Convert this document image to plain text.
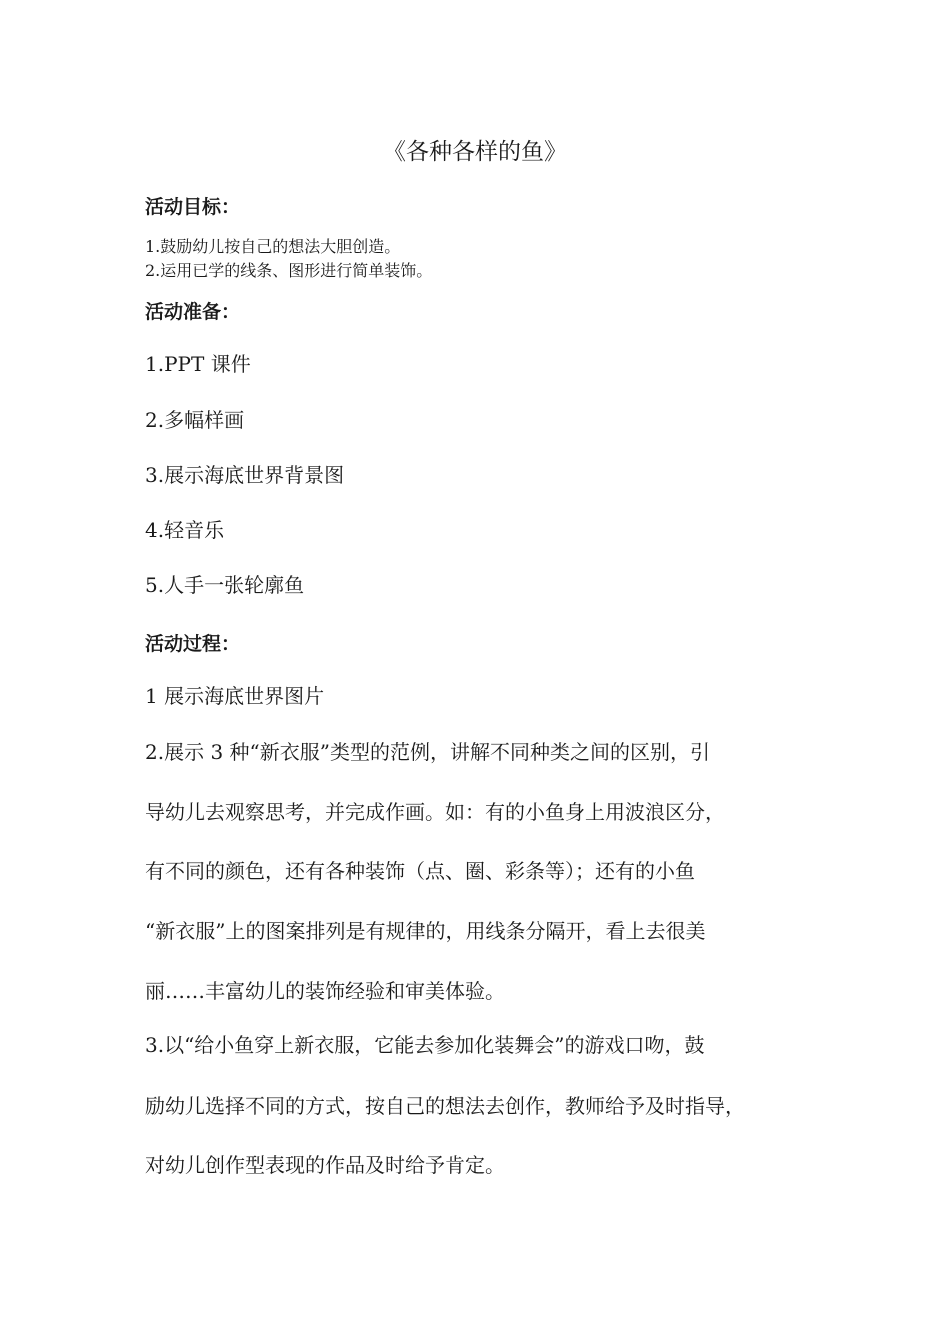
《各种各样的鱼》
活动目标：
1.鼓励幼儿按自己的想法大胆创造。
2.运用已学的线条、图形进行简单装饰。
活动准备：
1.PPT 课件
2.多幅样画
3.展示海底世界背景图
4.轻音乐
5.人手一张轮廓鱼
活动过程：
1 展示海底世界图片
2.展示 3 种“新衣服”类型的范例，讲解不同种类之间的区别，引
导幼儿去观察思考，并完成作画。如：有的小鱼身上用波浪区分，
有不同的颜色，还有各种装饰（点、圈、彩条等）；还有的小鱼
“新衣服”上的图案排列是有规律的，用线条分隔开，看上去很美
丽……丰富幼儿的装饰经验和审美体验。
3.以“给小鱼穿上新衣服，它能去参加化装舞会”的游戏口吻，鼓
励幼儿选择不同的方式，按自己的想法去创作，教师给予及时指导，
对幼儿创作型表现的作品及时给予肯定。
